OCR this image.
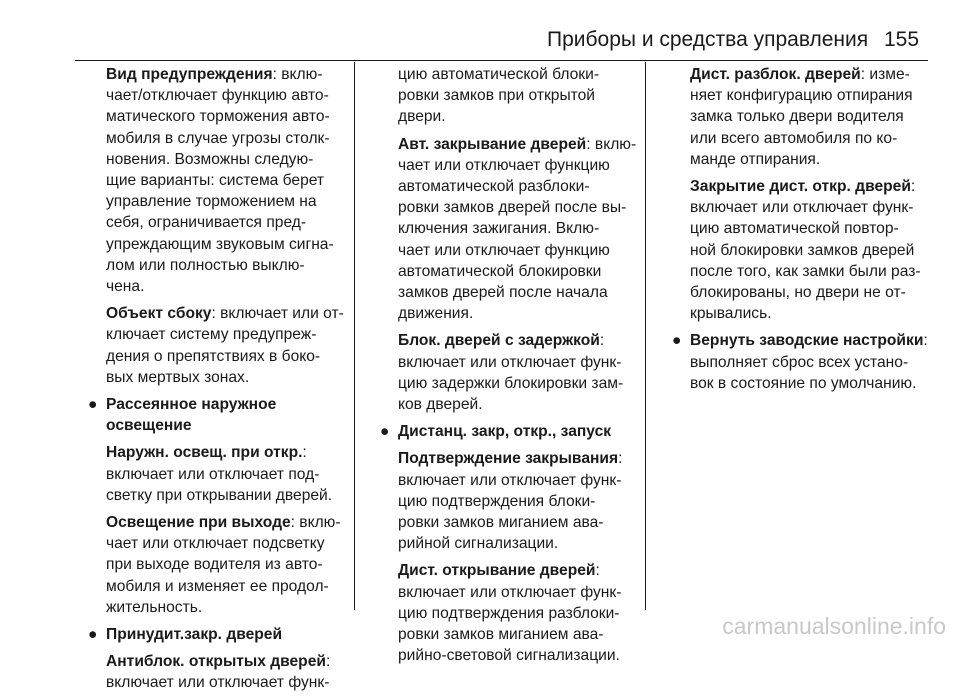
Приборы и средства управления 155

Вид предупреждения: вклю-
чает/отключает функцию авто-
матического торможения авто-
мобиля в случае угрозы столк-
новения. Возможны следую-
щие варианты: система берет
управление торможением на
себя, ограничивается пред-
упреждающим звуковым сигна-
лом или полностью выклю-
чена.

Объект сбоку: включает или от-
ключает систему предупреж-
дения о препятствиях в боко-
вых мертвых зонах.

● Рассеянное наружное
освещение

Наружн. освещ. при откр.:
включает или отключает под-
светку при открывании дверей.

Освещение при выходе: вклю-
чает или отключает подсветку
при выходе водителя из авто-
мобиля и изменяет ее продол-
жительность.

● Принудит.закр. дверей

Антиблок. открытых дверей:
включает или отключает функ-

цию автоматической блоки-
ровки замков при открытой
двери.

Авт. закрывание дверей: вклю-
чает или отключает функцию
автоматической разблоки-
ровки замков дверей после вы-
ключения зажигания. Вклю-
чает или отключает функцию
автоматической блокировки
замков дверей после начала
движения.

Блок. дверей с задержкой:
включает или отключает функ-
цию задержки блокировки зам-
ков дверей.

● Дистанц. закр, откр., запуск

Подтверждение закрывания:
включает или отключает функ-
цию подтверждения блоки-
ровки замков миганием ава-
рийной сигнализации.

Дист. открывание дверей:
включает или отключает функ-
цию подтверждения разблоки-
ровки замков миганием ава-
рийно-световой сигнализации.

Дист. разблок. дверей: изме-
няет конфигурацию отпирания
замка только двери водителя
или всего автомобиля по ко-
манде отпирания.

Закрытие дист. откр. дверей:
включает или отключает функ-
цию автоматической повтор-
ной блокировки замков дверей
после того, как замки были раз-
блокированы, но двери не от-
крывались.

● Вернуть заводские настройки:
выполняет сброс всех устано-
вок в состояние по умолчанию.
carmanualsonline.info
